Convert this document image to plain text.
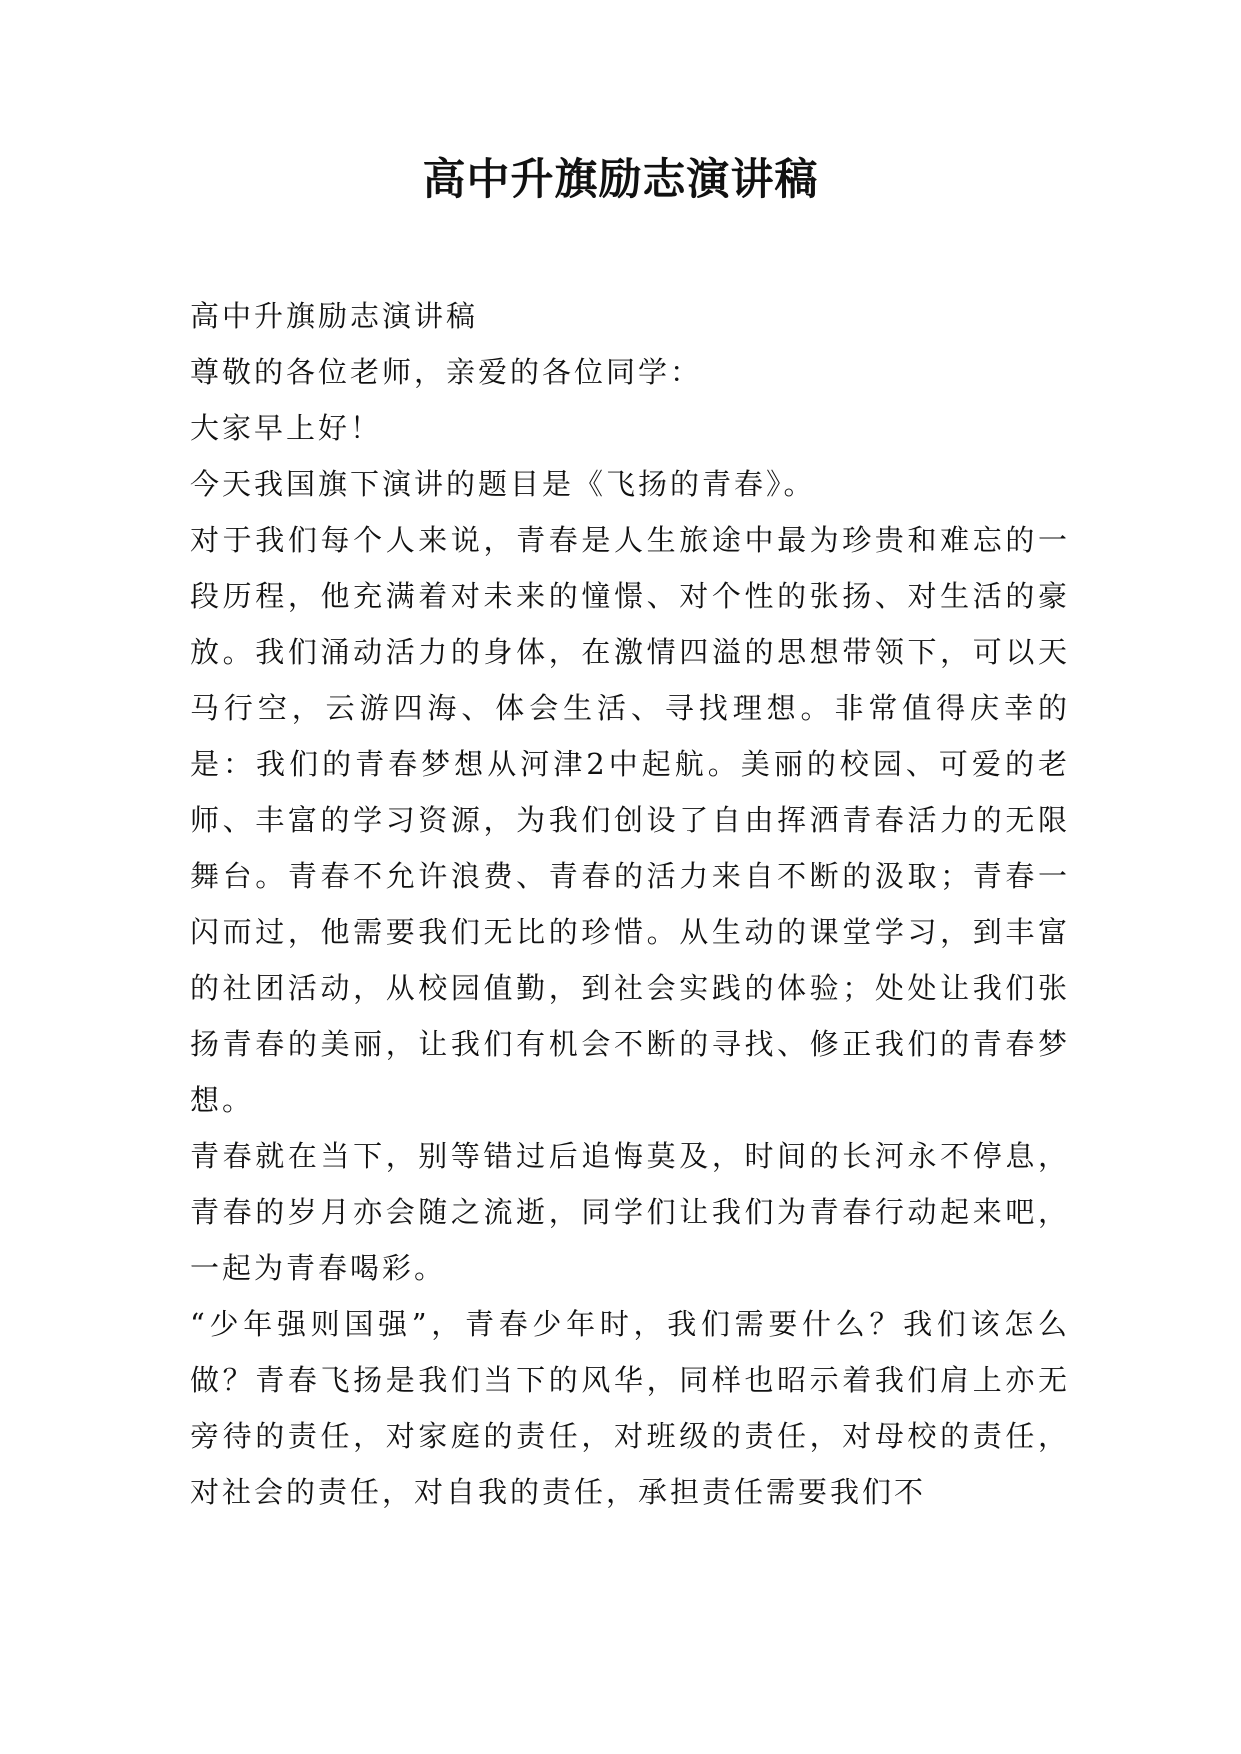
高中升旗励志演讲稿

高中升旗励志演讲稿

尊敬的各位老师，亲爱的各位同学：

大家早上好！

今天我国旗下演讲的题目是《飞扬的青春》。

对于我们每个人来说，青春是人生旅途中最为珍贵和难忘的一段历程，他充满着对未来的憧憬、对个性的张扬、对生活的豪放。我们涌动活力的身体，在激情四溢的思想带领下，可以天马行空，云游四海、体会生活、寻找理想。非常值得庆幸的是：我们的青春梦想从河津2中起航。美丽的校园、可爱的老师、丰富的学习资源，为我们创设了自由挥洒青春活力的无限舞台。青春不允许浪费、青春的活力来自不断的汲取；青春一闪而过，他需要我们无比的珍惜。从生动的课堂学习，到丰富的社团活动，从校园值勤，到社会实践的体验；处处让我们张扬青春的美丽，让我们有机会不断的寻找、修正我们的青春梦想。

青春就在当下，别等错过后追悔莫及，时间的长河永不停息，青春的岁月亦会随之流逝，同学们让我们为青春行动起来吧，一起为青春喝彩。

“少年强则国强”，青春少年时，我们需要什么？我们该怎么做？青春飞扬是我们当下的风华，同样也昭示着我们肩上亦无旁待的责任，对家庭的责任，对班级的责任，对母校的责任，对社会的责任，对自我的责任，承担责任需要我们不
